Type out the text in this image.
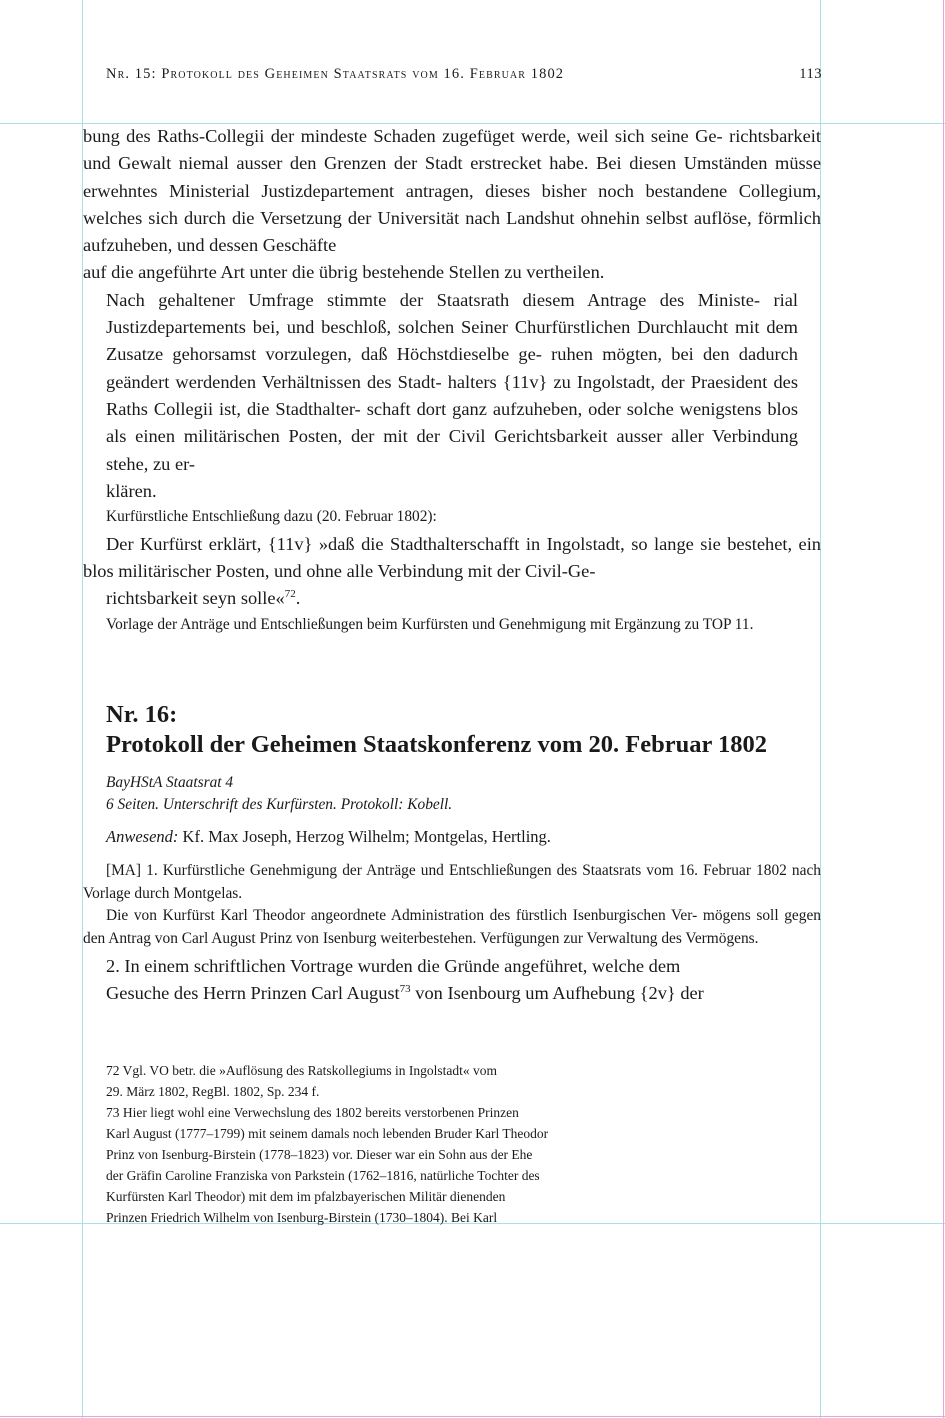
Nr. 15: Protokoll des Geheimen Staatsrats vom 16. Februar 1802	113

bung des Raths-Collegii der mindeste Schaden zugefüget werde, weil sich seine Ge- richtsbarkeit und Gewalt niemal ausser den Grenzen der Stadt erstrecket habe. Bei diesen Umständen müsse erwehntes Ministerial Justizdepartement antragen, dieses bisher noch bestandene Collegium, welches sich durch die Versetzung der Universität nach Landshut ohnehin selbst auflöse, förmlich aufzuheben, und dessen Geschäfte
auf die angeführte Art unter die übrig bestehende Stellen zu vertheilen.

Nach gehaltener Umfrage stimmte der Staatsrath diesem Antrage des Ministe- rial Justizdepartements bei, und beschloß, solchen Seiner Churfürstlichen Durchlaucht mit dem Zusatze gehorsamst vorzulegen, daß Höchstdieselbe ge- ruhen mögten, bei den dadurch geändert werdenden Verhältnissen des Stadt- halters {11v} zu Ingolstadt, der Praesident des Raths Collegii ist, die Stadthalter- schaft dort ganz aufzuheben, oder solche wenigstens blos als einen militärischen Posten, der mit der Civil Gerichtsbarkeit ausser aller Verbindung stehe, zu er-
klären.

Kurfürstliche Entschließung dazu (20. Februar 1802):

Der Kurfürst erklärt, {11v} »daß die Stadthalterschafft in Ingolstadt, so lange sie bestehet, ein blos militärischer Posten, und ohne alle Verbindung mit der Civil-Ge-
richtsbarkeit seyn solle«$^{72}$.

Vorlage der Anträge und Entschließungen beim Kurfürsten und Genehmigung mit Ergänzung zu TOP 11.

Nr. 16:
Protokoll der Geheimen Staatskonferenz vom 20. Februar 1802

BayHStA Staatsrat 4

6 Seiten. Unterschrift des Kurfürsten. Protokoll: Kobell.

Anwesend: Kf. Max Joseph, Herzog Wilhelm; Montgelas, Hertling.

[MA] 1. Kurfürstliche Genehmigung der Anträge und Entschließungen des Staatsrats vom 16. Februar 1802 nach Vorlage durch Montgelas.

Die von Kurfürst Karl Theodor angeordnete Administration des fürstlich Isenburgischen Ver- mögens soll gegen den Antrag von Carl August Prinz von Isenburg weiterbestehen. Verfügungen zur Verwaltung des Vermögens.

2. In einem schriftlichen Vortrage wurden die Gründe angeführet, welche dem
Gesuche des Herrn Prinzen Carl August$^{73}$ von Isenbourg um Aufhebung {2v} der

72 Vgl. VO betr. die »Auflösung des Ratskollegiums in Ingolstadt« vom
29. März 1802, RegBl. 1802, Sp. 234 f.
73 Hier liegt wohl eine Verwechslung des 1802 bereits verstorbenen Prinzen
Karl August (1777–1799) mit seinem damals noch lebenden Bruder Karl Theodor
Prinz von Isenburg-Birstein (1778–1823) vor. Dieser war ein Sohn aus der Ehe
der Gräfin Caroline Franziska von Parkstein (1762–1816, natürliche Tochter des
Kurfürsten Karl Theodor) mit dem im pfalzbayerischen Militär dienenden
Prinzen Friedrich Wilhelm von Isenburg-Birstein (1730–1804). Bei Karl
